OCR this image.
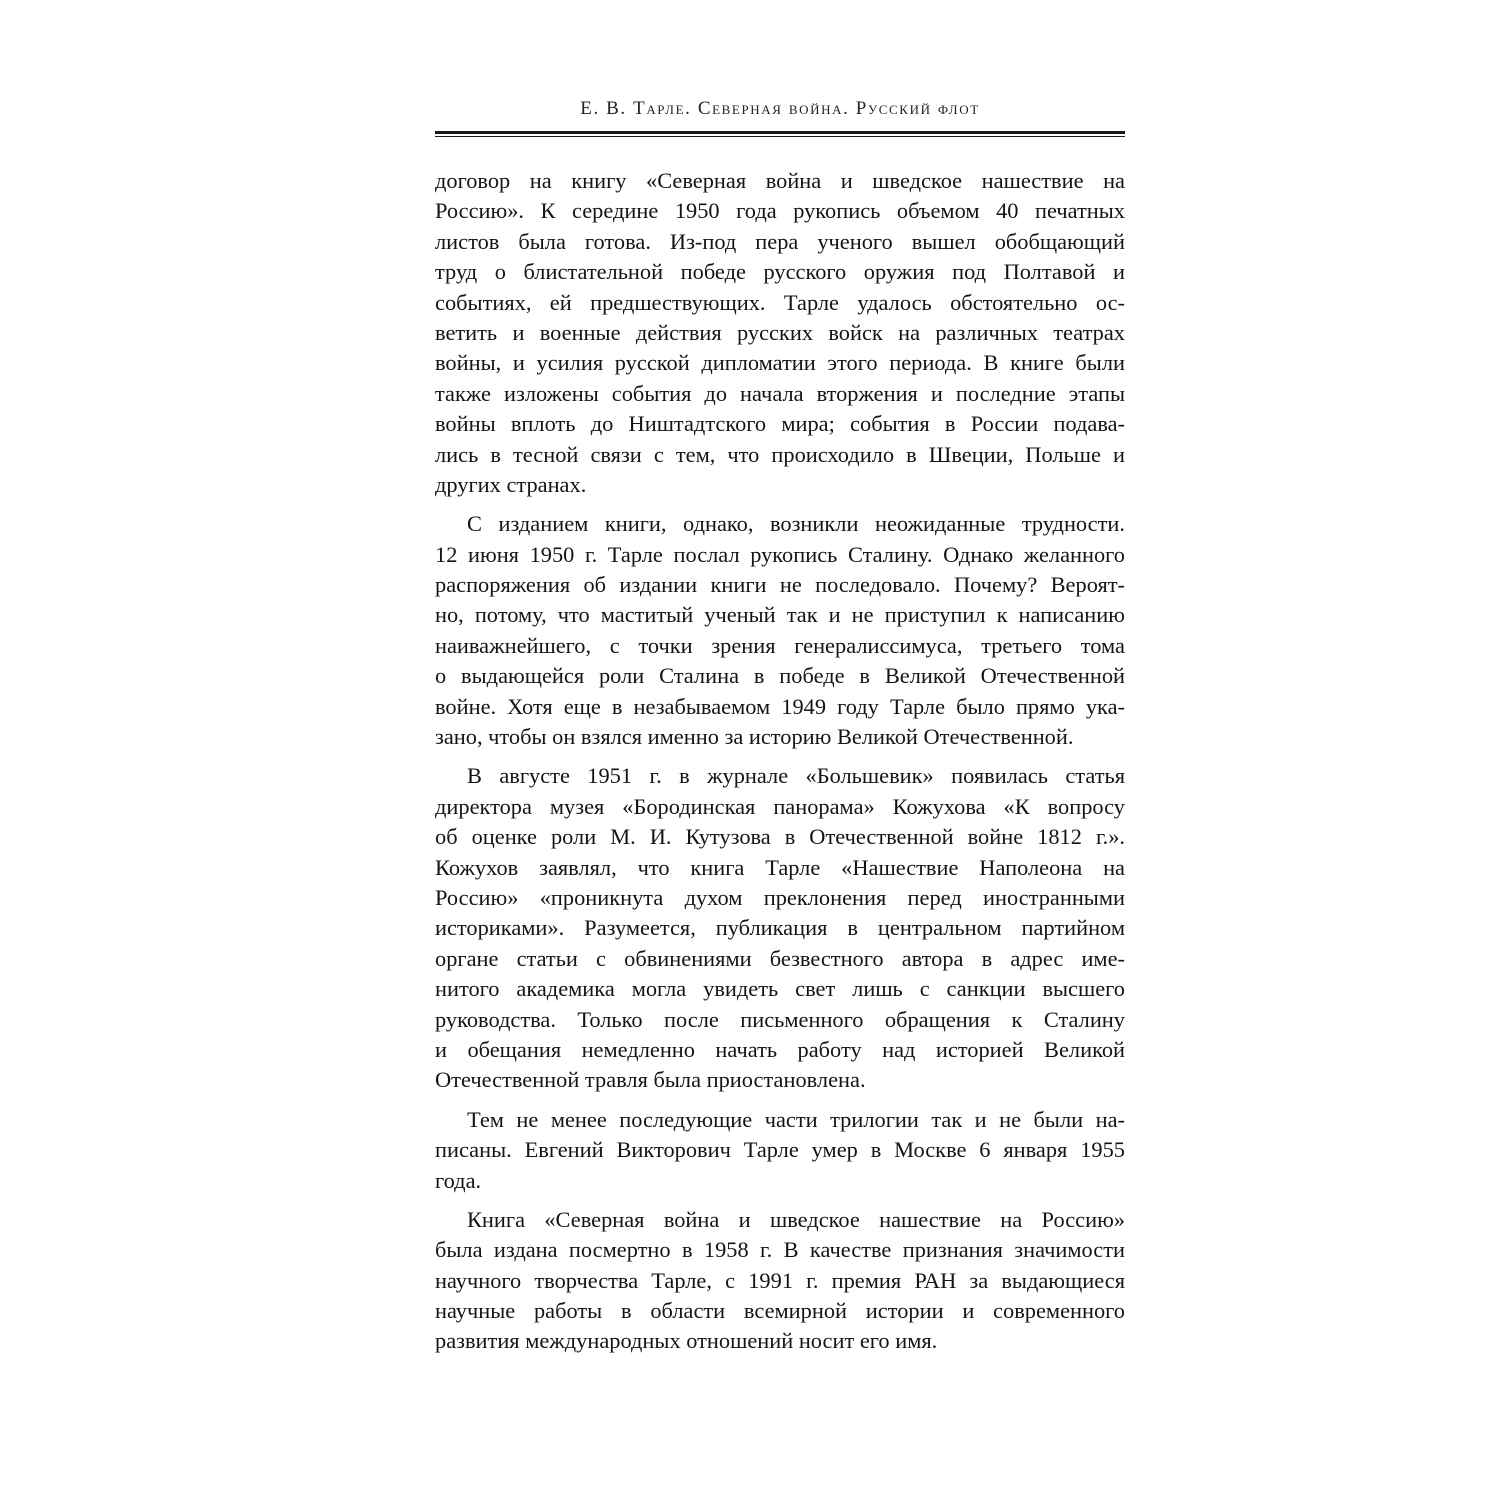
Е. В. Тарле. Северная война. Русский флот
договор на книгу «Северная война и шведское нашествие на
Россию». К середине 1950 года рукопись объемом 40 печатных
листов была готова. Из-под пера ученого вышел обобщающий
труд о блистательной победе русского оружия под Полтавой и
событиях, ей предшествующих. Тарле удалось обстоятельно ос-
ветить и военные действия русских войск на различных театрах
войны, и усилия русской дипломатии этого периода. В книге были
также изложены события до начала вторжения и последние этапы
войны вплоть до Ништадтского мира; события в России подава-
лись в тесной связи с тем, что происходило в Швеции, Польше и
других странах.
С изданием книги, однако, возникли неожиданные трудности.
12 июня 1950 г. Тарле послал рукопись Сталину. Однако желанного
распоряжения об издании книги не последовало. Почему? Вероят-
но, потому, что маститый ученый так и не приступил к написанию
наиважнейшего, с точки зрения генералиссимуса, третьего тома
о выдающейся роли Сталина в победе в Великой Отечественной
войне. Хотя еще в незабываемом 1949 году Тарле было прямо ука-
зано, чтобы он взялся именно за историю Великой Отечественной.
В августе 1951 г. в журнале «Большевик» появилась статья
директора музея «Бородинская панорама» Кожухова «К вопросу
об оценке роли М. И. Кутузова в Отечественной войне 1812 г.».
Кожухов заявлял, что книга Тарле «Нашествие Наполеона на
Россию» «проникнута духом преклонения перед иностранными
историками». Разумеется, публикация в центральном партийном
органе статьи с обвинениями безвестного автора в адрес име-
нитого академика могла увидеть свет лишь с санкции высшего
руководства. Только после письменного обращения к Сталину
и обещания немедленно начать работу над историей Великой
Отечественной травля была приостановлена.
Тем не менее последующие части трилогии так и не были на-
писаны. Евгений Викторович Тарле умер в Москве 6 января 1955
года.
Книга «Северная война и шведское нашествие на Россию»
была издана посмертно в 1958 г. В качестве признания значимости
научного творчества Тарле, с 1991 г. премия РАН за выдающиеся
научные работы в области всемирной истории и современного
развития международных отношений носит его имя.
